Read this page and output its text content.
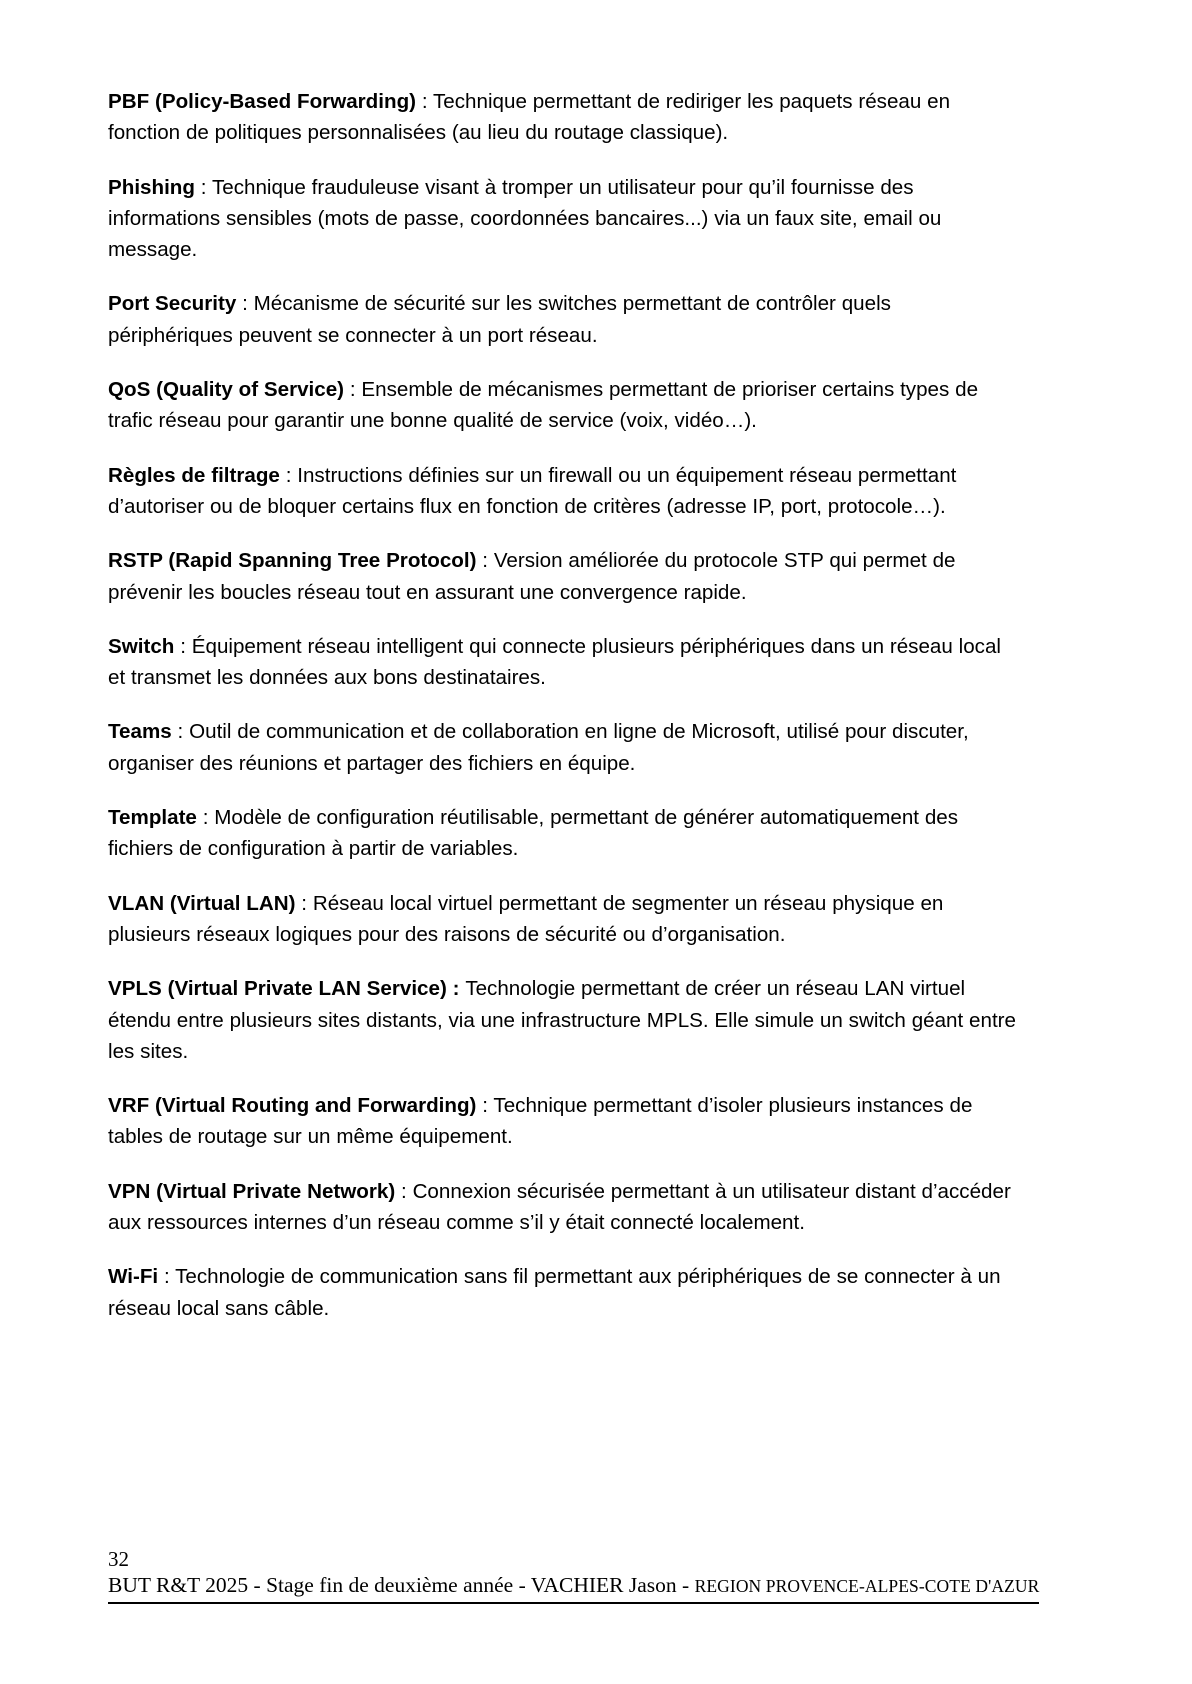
PBF (Policy-Based Forwarding) : Technique permettant de rediriger les paquets réseau en fonction de politiques personnalisées (au lieu du routage classique).

Phishing : Technique frauduleuse visant à tromper un utilisateur pour qu’il fournisse des informations sensibles (mots de passe, coordonnées bancaires...) via un faux site, email ou message.

Port Security : Mécanisme de sécurité sur les switches permettant de contrôler quels périphériques peuvent se connecter à un port réseau.

QoS (Quality of Service) : Ensemble de mécanismes permettant de prioriser certains types de trafic réseau pour garantir une bonne qualité de service (voix, vidéo…).

Règles de filtrage : Instructions définies sur un firewall ou un équipement réseau permettant d’autoriser ou de bloquer certains flux en fonction de critères (adresse IP, port, protocole…).

RSTP (Rapid Spanning Tree Protocol) : Version améliorée du protocole STP qui permet de prévenir les boucles réseau tout en assurant une convergence rapide.

Switch : Équipement réseau intelligent qui connecte plusieurs périphériques dans un réseau local et transmet les données aux bons destinataires.

Teams : Outil de communication et de collaboration en ligne de Microsoft, utilisé pour discuter, organiser des réunions et partager des fichiers en équipe.

Template : Modèle de configuration réutilisable, permettant de générer automatiquement des fichiers de configuration à partir de variables.

VLAN (Virtual LAN) : Réseau local virtuel permettant de segmenter un réseau physique en plusieurs réseaux logiques pour des raisons de sécurité ou d’organisation.

VPLS (Virtual Private LAN Service) : Technologie permettant de créer un réseau LAN virtuel étendu entre plusieurs sites distants, via une infrastructure MPLS. Elle simule un switch géant entre les sites.

VRF (Virtual Routing and Forwarding) : Technique permettant d’isoler plusieurs instances de tables de routage sur un même équipement.

VPN (Virtual Private Network) : Connexion sécurisée permettant à un utilisateur distant d’accéder aux ressources internes d’un réseau comme s’il y était connecté localement.

Wi-Fi : Technologie de communication sans fil permettant aux périphériques de se connecter à un réseau local sans câble.

32
BUT R&T 2025 - Stage fin de deuxième année - VACHIER Jason - REGION PROVENCE-ALPES-COTE D'AZUR
